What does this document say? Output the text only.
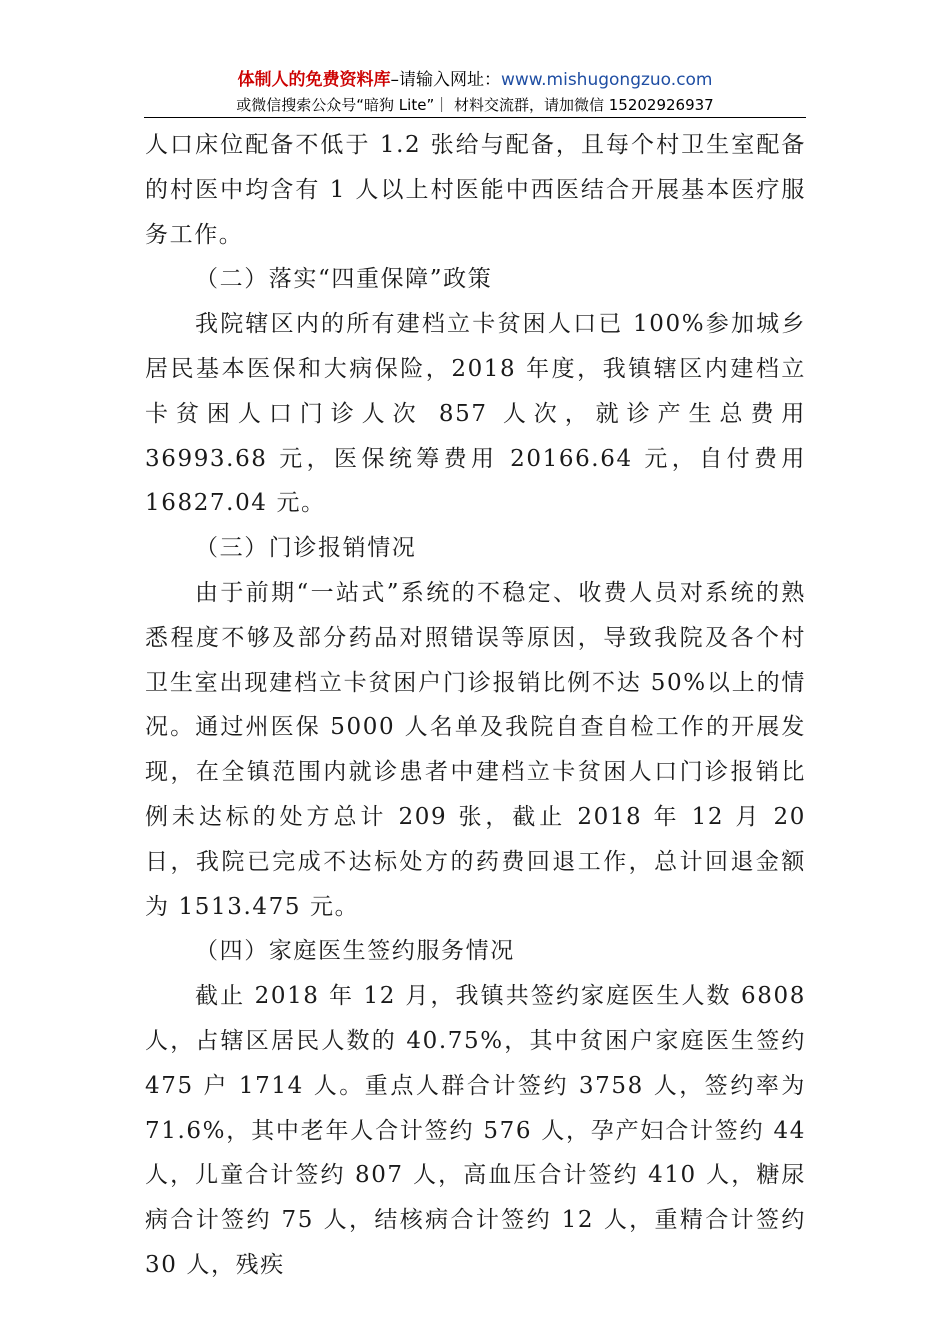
体制人的免费资料库–请输入网址：www.mishugongzuo.com
或微信搜索公众号“暗狗 Lite”｜ 材料交流群，请加微信 15202926937

人口床位配备不低于 1.2 张给与配备，且每个村卫生室配备的村医中均含有 1 人以上村医能中西医结合开展基本医疗服务工作。

（二）落实“四重保障”政策

我院辖区内的所有建档立卡贫困人口已 100%参加城乡居民基本医保和大病保险，2018 年度，我镇辖区内建档立卡贫困人口门诊人次 857 人次，就诊产生总费用 36993.68 元，医保统筹费用 20166.64 元，自付费用 16827.04 元。

（三）门诊报销情况

由于前期“一站式”系统的不稳定、收费人员对系统的熟悉程度不够及部分药品对照错误等原因，导致我院及各个村卫生室出现建档立卡贫困户门诊报销比例不达 50%以上的情况。通过州医保 5000 人名单及我院自查自检工作的开展发现，在全镇范围内就诊患者中建档立卡贫困人口门诊报销比例未达标的处方总计 209 张，截止 2018 年 12 月 20 日，我院已完成不达标处方的药费回退工作，总计回退金额为 1513.475 元。

（四）家庭医生签约服务情况

截止 2018 年 12 月，我镇共签约家庭医生人数 6808 人，占辖区居民人数的 40.75%，其中贫困户家庭医生签约 475 户 1714 人。重点人群合计签约 3758 人，签约率为 71.6%，其中老年人合计签约 576 人，孕产妇合计签约 44 人，儿童合计签约 807 人，高血压合计签约 410 人，糖尿病合计签约 75 人，结核病合计签约 12 人，重精合计签约 30 人，残疾
